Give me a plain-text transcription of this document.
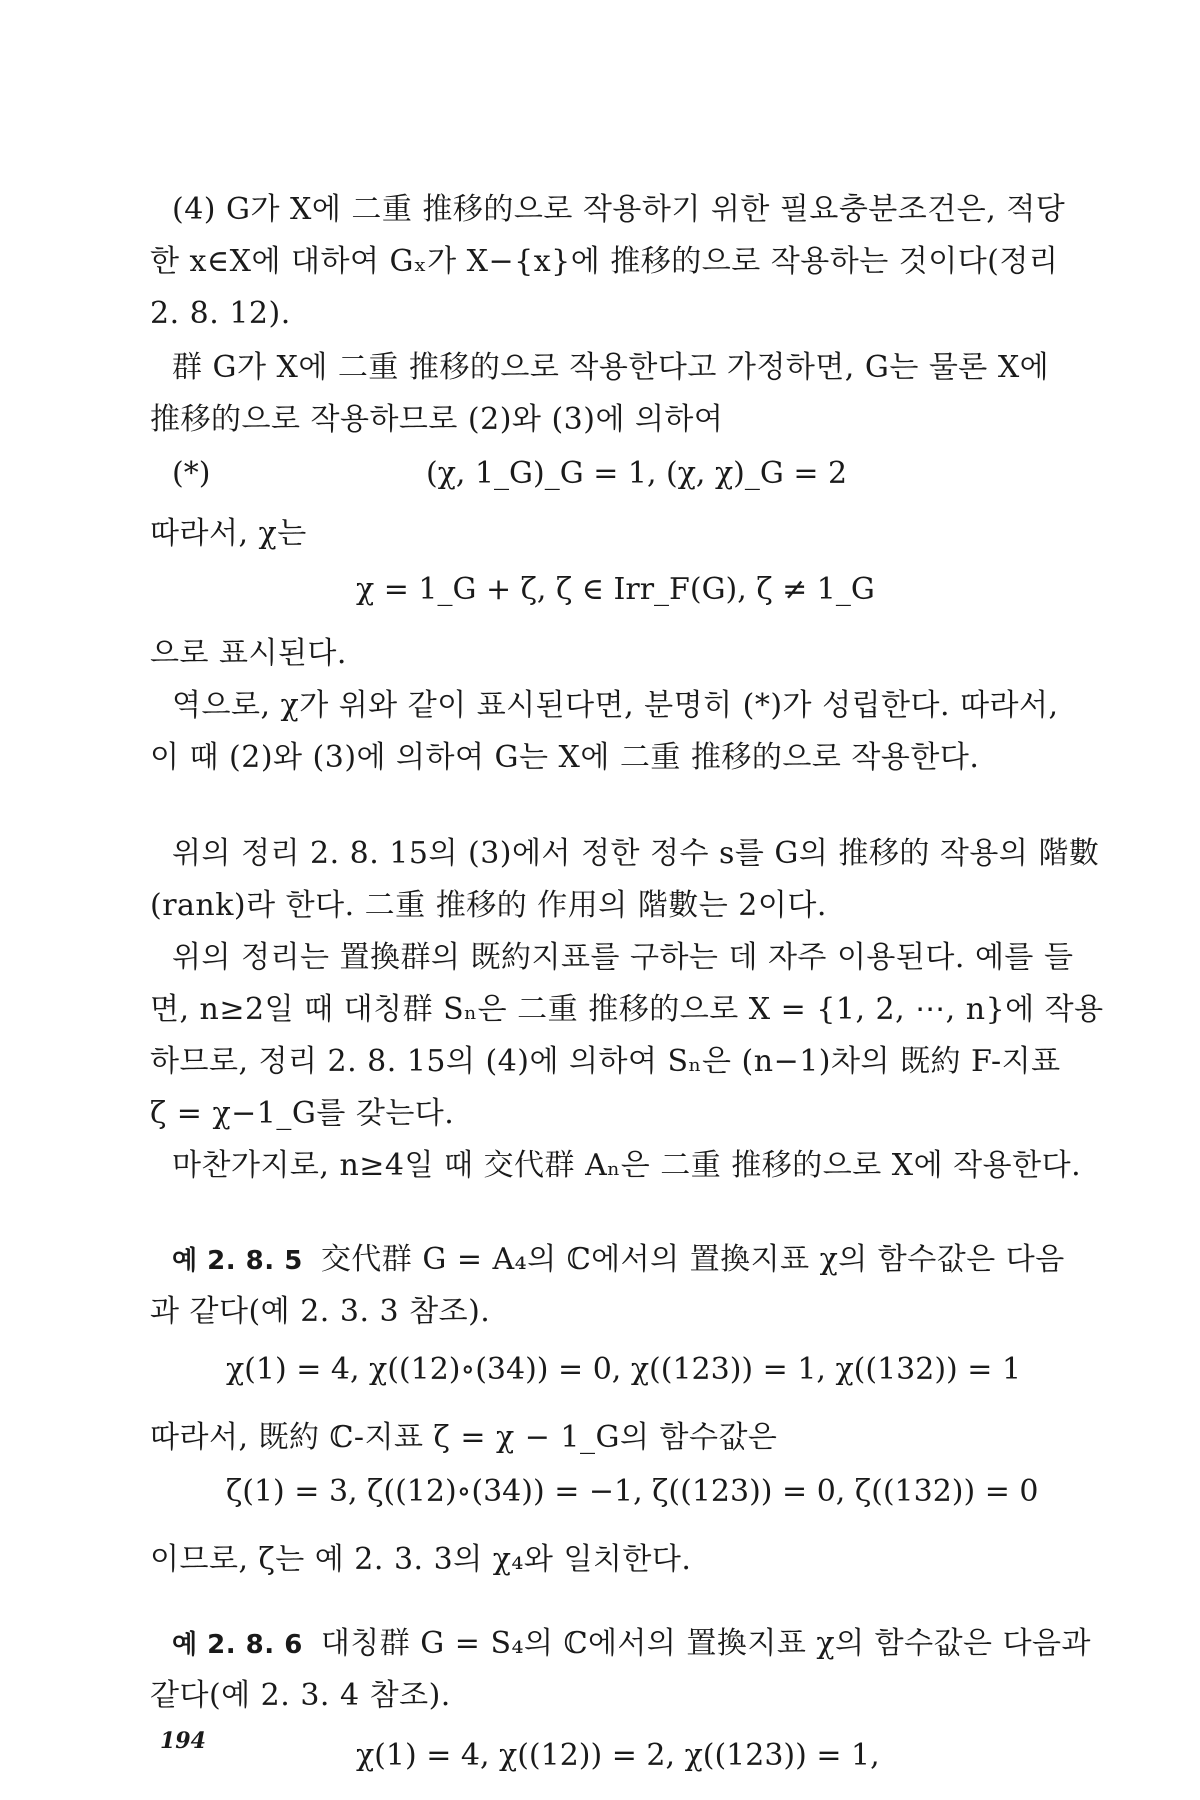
(4) G가 X에 二重 推移的으로 작용하기 위한 필요충분조건은, 적당
한 x∈X에 대하여 Gₓ가 X−{x}에 推移的으로 작용하는 것이다(정리
2. 8. 12).
群 G가 X에 二重 推移的으로 작용한다고 가정하면, G는 물론 X에
推移的으로 작용하므로 (2)와 (3)에 의하여
(*)	(χ, 1_G)_G = 1, (χ, χ)_G = 2
따라서, χ는
χ = 1_G + ζ, ζ ∈ Irr_F(G), ζ ≠ 1_G
으로 표시된다.
역으로, χ가 위와 같이 표시된다면, 분명히 (*)가 성립한다. 따라서,
이 때 (2)와 (3)에 의하여 G는 X에 二重 推移的으로 작용한다.
위의 정리 2. 8. 15의 (3)에서 정한 정수 s를 G의 推移的 작용의 階數
(rank)라 한다. 二重 推移的 作用의 階數는 2이다.
위의 정리는 置換群의 既約지표를 구하는 데 자주 이용된다. 예를 들
면, n≥2일 때 대칭群 Sₙ은 二重 推移的으로 X = {1, 2, ⋯, n}에 작용
하므로, 정리 2. 8. 15의 (4)에 의하여 Sₙ은 (n−1)차의 既約 F-지표
ζ = χ−1_G를 갖는다.
마찬가지로, n≥4일 때 交代群 Aₙ은 二重 推移的으로 X에 작용한다.
예 2. 8. 5 交代群 G = A₄의 ℂ에서의 置換지표 χ의 함수값은 다음
과 같다(예 2. 3. 3 참조).
χ(1) = 4, χ((12)∘(34)) = 0, χ((123)) = 1, χ((132)) = 1
따라서, 既約 ℂ-지표 ζ = χ − 1_G의 함수값은
ζ(1) = 3, ζ((12)∘(34)) = −1, ζ((123)) = 0, ζ((132)) = 0
이므로, ζ는 예 2. 3. 3의 χ₄와 일치한다.
예 2. 8. 6 대칭群 G = S₄의 ℂ에서의 置換지표 χ의 함수값은 다음과
같다(예 2. 3. 4 참조).
χ(1) = 4, χ((12)) = 2, χ((123)) = 1,
194
